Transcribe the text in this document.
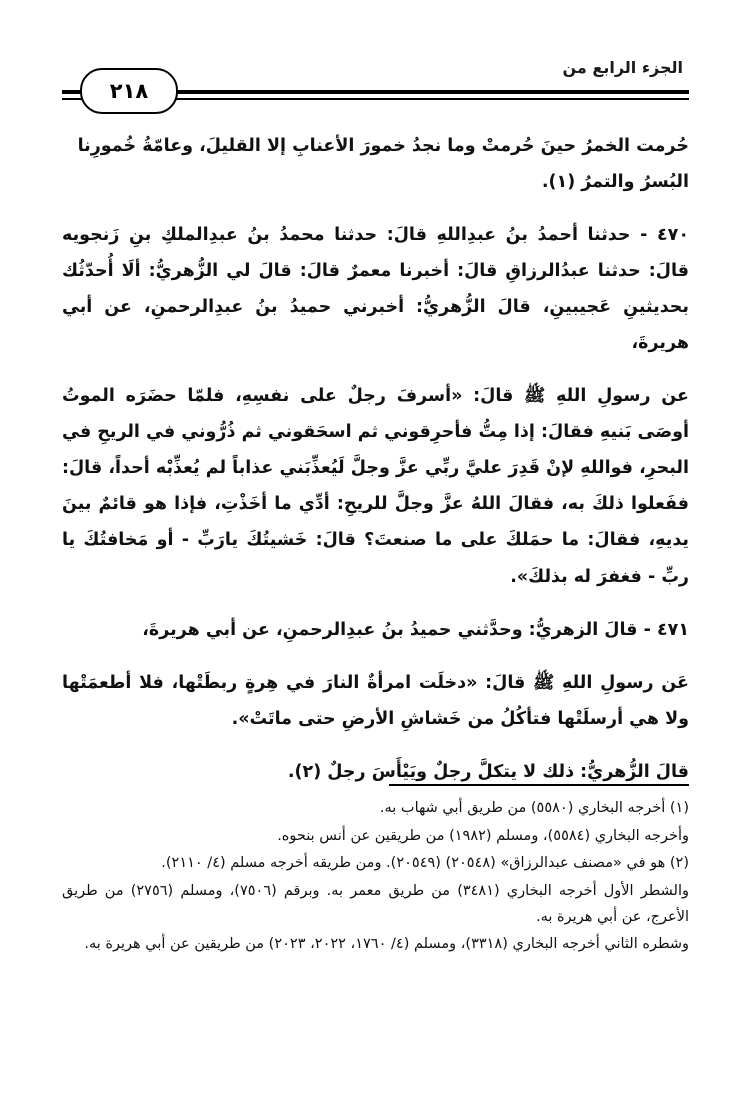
الجزء الرابع من
٢١٨

حُرمت الخمرُ حينَ حُرمتْ وما نجدُ خمورَ الأعنابِ إلا القليلَ، وعامّةُ خُمورِنا البُسرُ والتمرُ (١).

٤٧٠ - حدثنا أحمدُ بنُ عبدِاللهِ قالَ: حدثنا محمدُ بنُ عبدِالملكِ بنِ زَنجويه قالَ: حدثنا عبدُالرزاقِ قالَ: أخبرنا معمرٌ قالَ: قالَ لي الزُّهريُّ: ألَا أُحدّثُك بحديثينِ عَجيبينِ، قالَ الزُّهريُّ: أخبرني حميدُ بنُ عبدِالرحمنِ، عن أبي هريرةَ،

عن رسولِ اللهِ ﷺ قالَ: «أسرفَ رجلٌ على نفسِهِ، فلمّا حضَرَه الموتُ أوصَى بَنيهِ فقالَ: إذا مِتُّ فأحرِقوني ثم اسحَقوني ثم ذُرُّوني في الريحِ في البحرِ، فواللهِ لإنْ قَدِرَ عليَّ ربِّي عزَّ وجلَّ لَيُعذِّبَني عذاباً لم يُعذِّبْه أحداً، قالَ: ففَعلوا ذلكَ به، فقالَ اللهُ عزَّ وجلَّ للريحِ: أدِّي ما أخَذْتِ، فإذا هو قائمٌ بينَ يديهِ، فقالَ: ما حمَلكَ على ما صنعتَ؟ قالَ: خَشيتُكَ يارَبِّ - أو مَخافتُكَ يا ربِّ - فغفرَ له بذلكَ».

٤٧١ - قالَ الزهريُّ: وحدَّثني حميدُ بنُ عبدِالرحمنِ، عن أبي هريرةَ،

عَن رسولِ اللهِ ﷺ قالَ: «دخلَت امرأةٌ النارَ في هِرةٍ ربطَتْها، فلا أطعمَتْها ولا هي أرسلَتْها فتأكُلُ من خَشاشِ الأرضِ حتى ماتَتْ».

قالَ الزُّهريُّ: ذلك لا يتكلَّ رجلٌ ويَيْأَسَ رجلٌ (٢).

(١) أخرجه البخاري (٥٥٨٠) من طريق أبي شهاب به.

وأخرجه البخاري (٥٥٨٤)، ومسلم (١٩٨٢) من طريقين عن أنس بنحوه.

(٢) هو في «مصنف عبدالرزاق» (٢٠٥٤٨) (٢٠٥٤٩). ومن طريقه أخرجه مسلم (٤/ ٢١١٠).

والشطر الأول أخرجه البخاري (٣٤٨١) من طريق معمر به. وبرقم (٧٥٠٦)، ومسلم (٢٧٥٦) من طريق الأعرج، عن أبي هريرة به.

وشطره الثاني أخرجه البخاري (٣٣١٨)، ومسلم (٤/ ١٧٦٠، ٢٠٢٢، ٢٠٢٣) من طريقين عن أبي هريرة به.
